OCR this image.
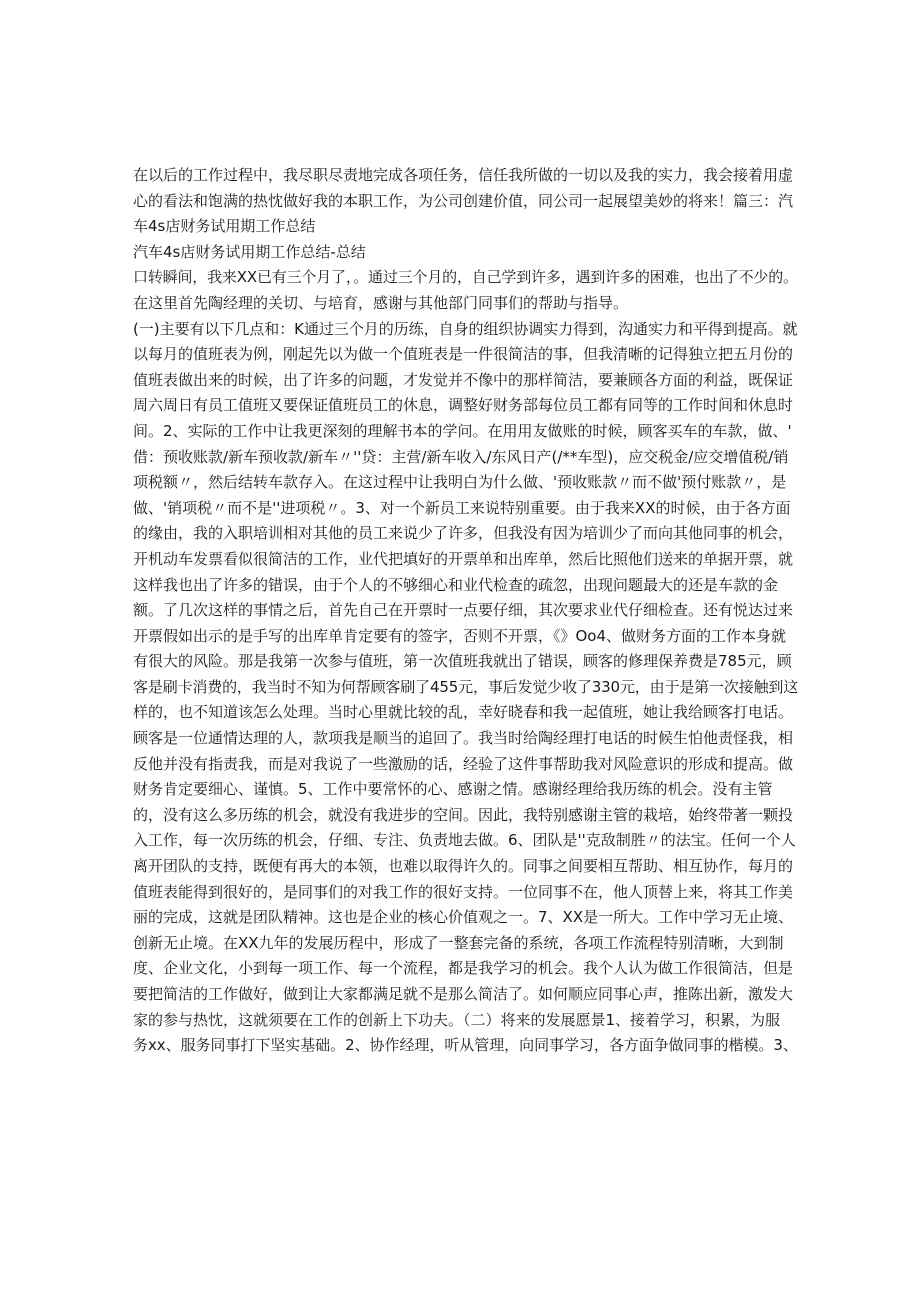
在以后的工作过程中，我尽职尽责地完成各项任务，信任我所做的一切以及我的实力，我会接着用虚
心的看法和饱满的热忱做好我的本职工作，为公司创建价值，同公司一起展望美妙的将来！篇三：汽
车4s店财务试用期工作总结
汽车4s店财务试用期工作总结-总结
口转瞬间，我来XX已有三个月了，。通过三个月的，自己学到许多，遇到许多的困难，也出了不少的。
在这里首先陶经理的关切、与培育，感谢与其他部门同事们的帮助与指导。
(一)主要有以下几点和：K通过三个月的历练，自身的组织协调实力得到，沟通实力和平得到提高。就
以每月的值班表为例，刚起先以为做一个值班表是一件很简洁的事，但我清晰的记得独立把五月份的
值班表做出来的时候，出了许多的问题，才发觉并不像中的那样简洁，要兼顾各方面的利益，既保证
周六周日有员工值班又要保证值班员工的休息，调整好财务部每位员工都有同等的工作时间和休息时
间。2、实际的工作中让我更深刻的理解书本的学问。在用用友做账的时候，顾客买车的车款，做、'
借：预收账款/新车预收款/新车〃''贷：主营/新车收入/东风日产(/**车型)，应交税金/应交增值税/销
项税额〃，然后结转车款存入。在这过程中让我明白为什么做、'预收账款〃而不做'预付账款〃，是
做、'销项税〃而不是''进项税〃。3、对一个新员工来说特别重要。由于我来XX的时候，由于各方面
的缘由，我的入职培训相对其他的员工来说少了许多，但我没有因为培训少了而向其他同事的机会，
开机动车发票看似很简洁的工作，业代把填好的开票单和出库单，然后比照他们送来的单据开票，就
这样我也出了许多的错误，由于个人的不够细心和业代检查的疏忽，出现问题最大的还是车款的金
额。了几次这样的事情之后，首先自己在开票时一点要仔细，其次要求业代仔细检查。还有悦达过来
开票假如出示的是手写的出库单肯定要有的签字，否则不开票，《》Oo4、做财务方面的工作本身就
有很大的风险。那是我第一次参与值班，第一次值班我就出了错误，顾客的修理保养费是785元，顾
客是刷卡消费的，我当时不知为何帮顾客刷了455元，事后发觉少收了330元，由于是第一次接触到这
样的，也不知道该怎么处理。当时心里就比较的乱，幸好晓春和我一起值班，她让我给顾客打电话。
顾客是一位通情达理的人，款项我是顺当的追回了。我当时给陶经理打电话的时候生怕他责怪我，相
反他并没有指责我，而是对我说了一些激励的话，经验了这件事帮助我对风险意识的形成和提高。做
财务肯定要细心、谨慎。5、工作中要常怀的心、感谢之情。感谢经理给我历练的机会。没有主管
的，没有这么多历练的机会，就没有我进步的空间。因此，我特别感谢主管的栽培，始终带著一颗投
入工作，每一次历练的机会，仔细、专注、负责地去做。6、团队是''克敌制胜〃的法宝。任何一个人
离开团队的支持，既便有再大的本领，也难以取得许久的。同事之间要相互帮助、相互协作，每月的
值班表能得到很好的，是同事们的对我工作的很好支持。一位同事不在，他人顶替上来，将其工作美
丽的完成，这就是团队精神。这也是企业的核心价值观之一。7、XX是一所大。工作中学习无止境、
创新无止境。在XX九年的发展历程中，形成了一整套完备的系统，各项工作流程特别清晰，大到制
度、企业文化，小到每一项工作、每一个流程，都是我学习的机会。我个人认为做工作很简洁，但是
要把简洁的工作做好，做到让大家都满足就不是那么简洁了。如何顺应同事心声，推陈出新，激发大
家的参与热忱，这就须要在工作的创新上下功夫。（二）将来的发展愿景1、接着学习，积累，为服
务xx、服务同事打下坚实基础。2、协作经理，听从管理，向同事学习，各方面争做同事的楷模。3、
